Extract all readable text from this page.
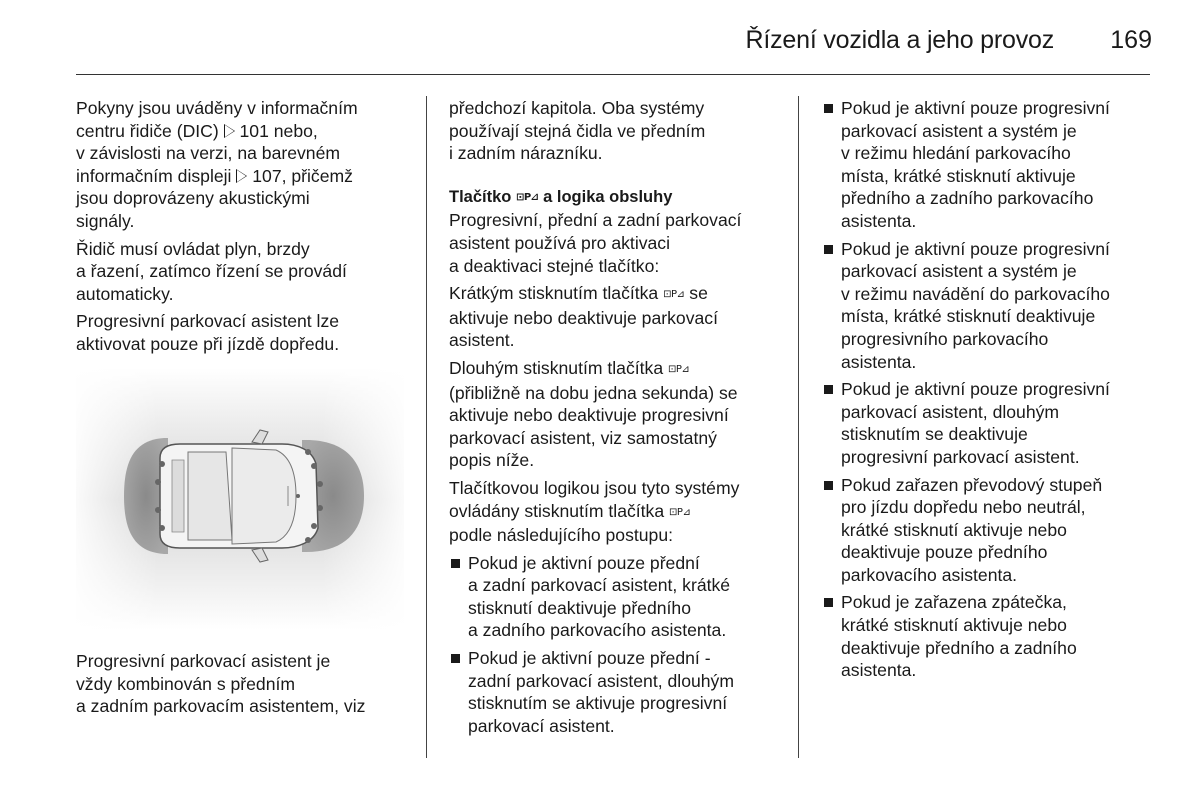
Řízení vozidla a jeho provoz 169

Pokyny jsou uváděny v informačním
centru řidiče (DIC)  101 nebo,
v závislosti na verzi, na barevném
informačním displeji  107, přičemž
jsou doprovázeny akustickými
signály.

Řidič musí ovládat plyn, brzdy
a řazení, zatímco řízení se provádí
automaticky.

Progresivní parkovací asistent lze
aktivovat pouze při jízdě dopředu.

Progresivní parkovací asistent je
vždy kombinován s předním
a zadním parkovacím asistentem, viz

předchozí kapitola. Oba systémy
používají stejná čidla ve předním
i zadním nárazníku.

Tlačítko ⊡P⊿ a logika obsluhy

Progresivní, přední a zadní parkovací
asistent používá pro aktivaci
a deaktivaci stejné tlačítko:

Krátkým stisknutím tlačítka ⊡P⊿ se
aktivuje nebo deaktivuje parkovací
asistent.

Dlouhým stisknutím tlačítka ⊡P⊿
(přibližně na dobu jedna sekunda) se
aktivuje nebo deaktivuje progresivní
parkovací asistent, viz samostatný
popis níže.

Tlačítkovou logikou jsou tyto systémy
ovládány stisknutím tlačítka ⊡P⊿
podle následujícího postupu:

Pokud je aktivní pouze přední
a zadní parkovací asistent, krátké
stisknutí deaktivuje předního
a zadního parkovacího asistenta.
Pokud je aktivní pouze přední -
zadní parkovací asistent, dlouhým
stisknutím se aktivuje progresivní
parkovací asistent.
Pokud je aktivní pouze progresivní
parkovací asistent a systém je
v režimu hledání parkovacího
místa, krátké stisknutí aktivuje
předního a zadního parkovacího
asistenta.
Pokud je aktivní pouze progresivní
parkovací asistent a systém je
v režimu navádění do parkovacího
místa, krátké stisknutí deaktivuje
progresivního parkovacího
asistenta.
Pokud je aktivní pouze progresivní
parkovací asistent, dlouhým
stisknutím se deaktivuje
progresivní parkovací asistent.
Pokud zařazen převodový stupeň
pro jízdu dopředu nebo neutrál,
krátké stisknutí aktivuje nebo
deaktivuje pouze předního
parkovacího asistenta.
Pokud je zařazena zpátečka,
krátké stisknutí aktivuje nebo
deaktivuje předního a zadního
asistenta.
